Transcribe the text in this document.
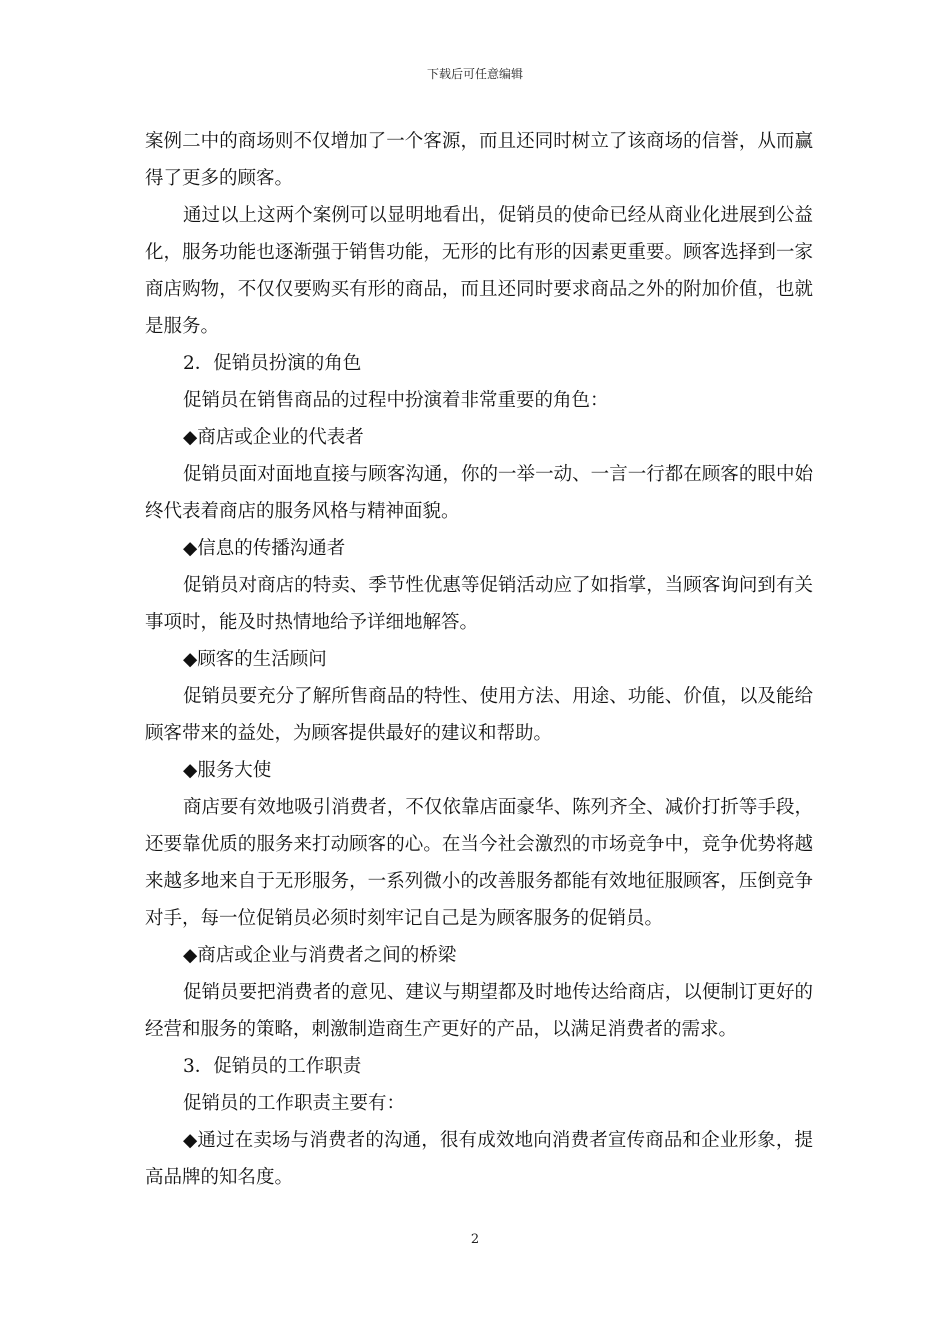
下载后可任意编辑

案例二中的商场则不仅增加了一个客源，而且还同时树立了该商场的信誉，从而赢得了更多的顾客。

通过以上这两个案例可以显明地看出，促销员的使命已经从商业化进展到公益化，服务功能也逐渐强于销售功能，无形的比有形的因素更重要。顾客选择到一家商店购物，不仅仅要购买有形的商品，而且还同时要求商品之外的附加价值，也就是服务。

2．促销员扮演的角色

促销员在销售商品的过程中扮演着非常重要的角色：

◆商店或企业的代表者

促销员面对面地直接与顾客沟通，你的一举一动、一言一行都在顾客的眼中始终代表着商店的服务风格与精神面貌。

◆信息的传播沟通者

促销员对商店的特卖、季节性优惠等促销活动应了如指掌，当顾客询问到有关事项时，能及时热情地给予详细地解答。

◆顾客的生活顾问

促销员要充分了解所售商品的特性、使用方法、用途、功能、价值，以及能给顾客带来的益处，为顾客提供最好的建议和帮助。

◆服务大使

商店要有效地吸引消费者，不仅依靠店面豪华、陈列齐全、减价打折等手段，还要靠优质的服务来打动顾客的心。在当今社会激烈的市场竞争中，竞争优势将越来越多地来自于无形服务，一系列微小的改善服务都能有效地征服顾客，压倒竞争对手，每一位促销员必须时刻牢记自己是为顾客服务的促销员。

◆商店或企业与消费者之间的桥梁

促销员要把消费者的意见、建议与期望都及时地传达给商店，以便制订更好的经营和服务的策略，刺激制造商生产更好的产品，以满足消费者的需求。

3．促销员的工作职责

促销员的工作职责主要有：

◆通过在卖场与消费者的沟通，很有成效地向消费者宣传商品和企业形象，提高品牌的知名度。

2
